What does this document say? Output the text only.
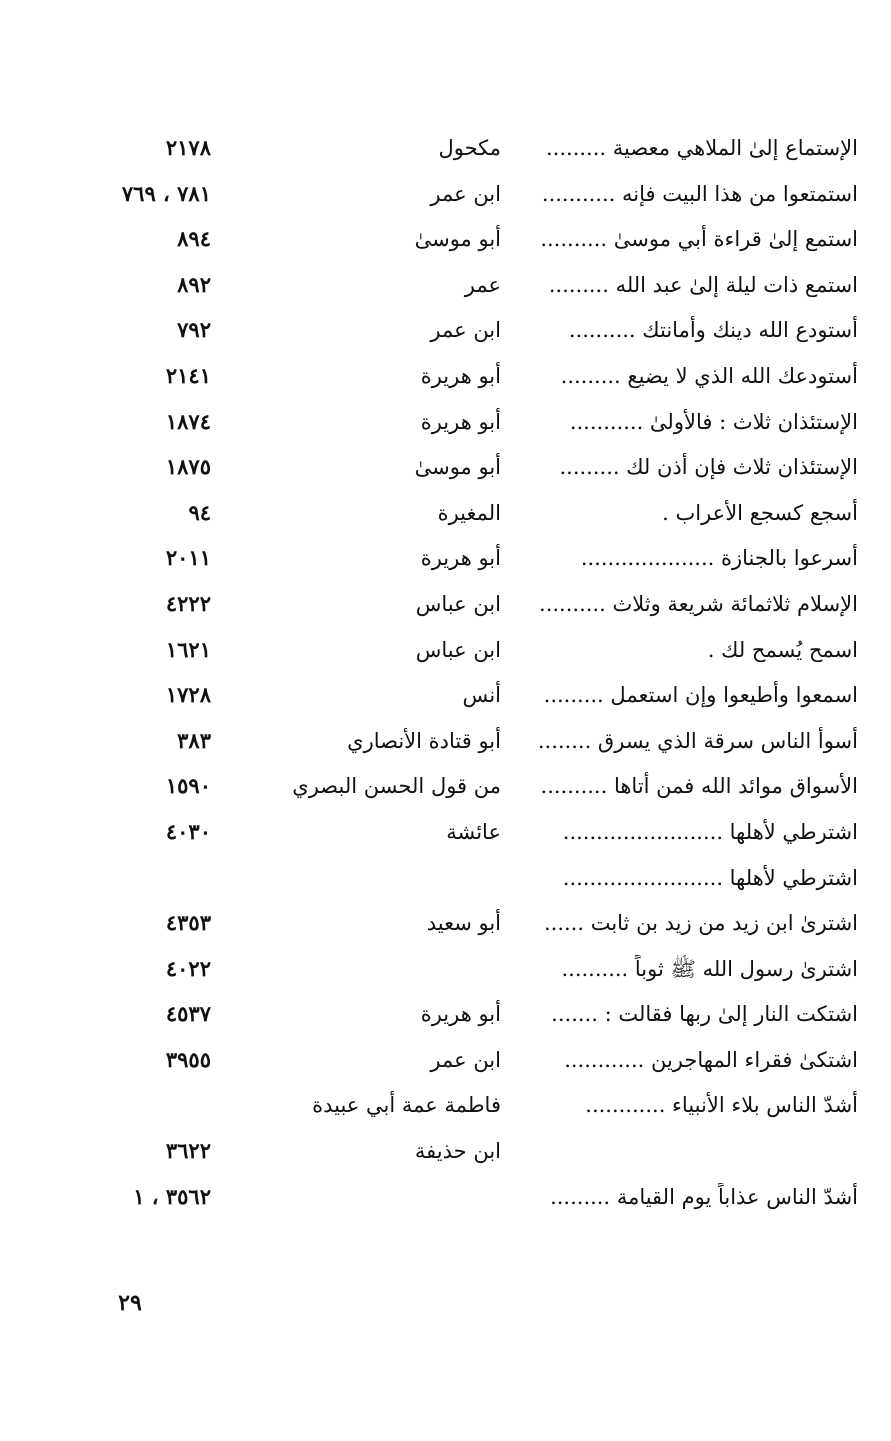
الإستماع إلىٰ الملاهي معصية .........
مكحول
٢١٧٨
استمتعوا من هذا البيت فإنه ...........
ابن عمر
٧٨١ ، ٧٦٩
استمع إلىٰ قراءة أبي موسىٰ ..........
أبو موسىٰ
٨٩٤
استمع ذات ليلة إلىٰ عبد الله .........
عمر
٨٩٢
أستودع الله دينك وأمانتك ..........
ابن عمر
٧٩٢
أستودعك الله الذي لا يضيع .........
أبو هريرة
٢١٤١
الإستئذان ثلاث : فالأولىٰ ...........
أبو هريرة
١٨٧٤
الإستئذان ثلاث فإن أذن لك .........
أبو موسىٰ
١٨٧٥
أسجع كسجع الأعراب .
المغيرة
٩٤
أسرعوا بالجنازة ....................
أبو هريرة
٢٠١١
الإسلام ثلاثمائة شريعة وثلاث ..........
ابن عباس
٤٢٢٢
اسمح يُسمح لك .
ابن عباس
١٦٢١
اسمعوا وأطيعوا وإن استعمل .........
أنس
١٧٢٨
أسوأ الناس سرقة الذي يسرق ........
أبو قتادة الأنصاري
٣٨٣
الأسواق موائد الله فمن أتاها ..........
من قول الحسن البصري
١٥٩٠
اشترطي لأهلها ........................
عائشة
٤٠٣٠
اشترطي لأهلها ........................
اشترىٰ ابن زيد من زيد بن ثابت ......
أبو سعيد
٤٣٥٣
اشترىٰ رسول الله ﷺ ثوباً ..........
٤٠٢٢
اشتكت النار إلىٰ ربها فقالت : .......
أبو هريرة
٤٥٣٧
اشتكىٰ فقراء المهاجرين ............
ابن عمر
٣٩٥٥
أشدّ الناس بلاء الأنبياء ............
فاطمة عمة أبي عبيدة
ابن حذيفة
٣٦٢٢
أشدّ الناس عذاباً يوم القيامة .........
٣٥٦٢ ، ١
٢٩
